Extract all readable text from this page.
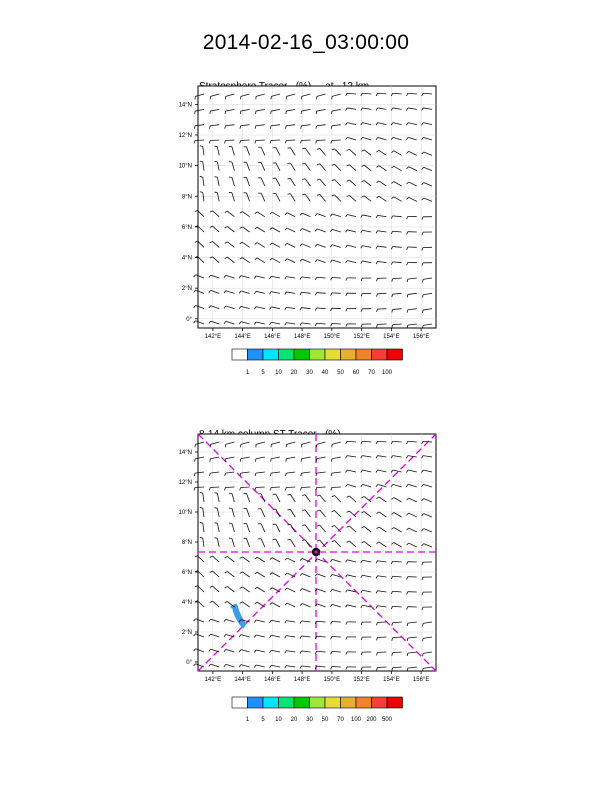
2014-02-16_03:00:00

142°E 144°E 146°E 148°E 150°E 152°E 154°E 156°E
0°
2°N
4°N
6°N
8°N
10°N
12°N
14°N
1 5 10 20 30 40 50 60 70 100
142°E 144°E 146°E 148°E 150°E 152°E 154°E 156°E
0°
2°N
4°N
6°N
8°N
10°N
12°N
14°N
1 5 10 20 30 50 70 100 200 500
